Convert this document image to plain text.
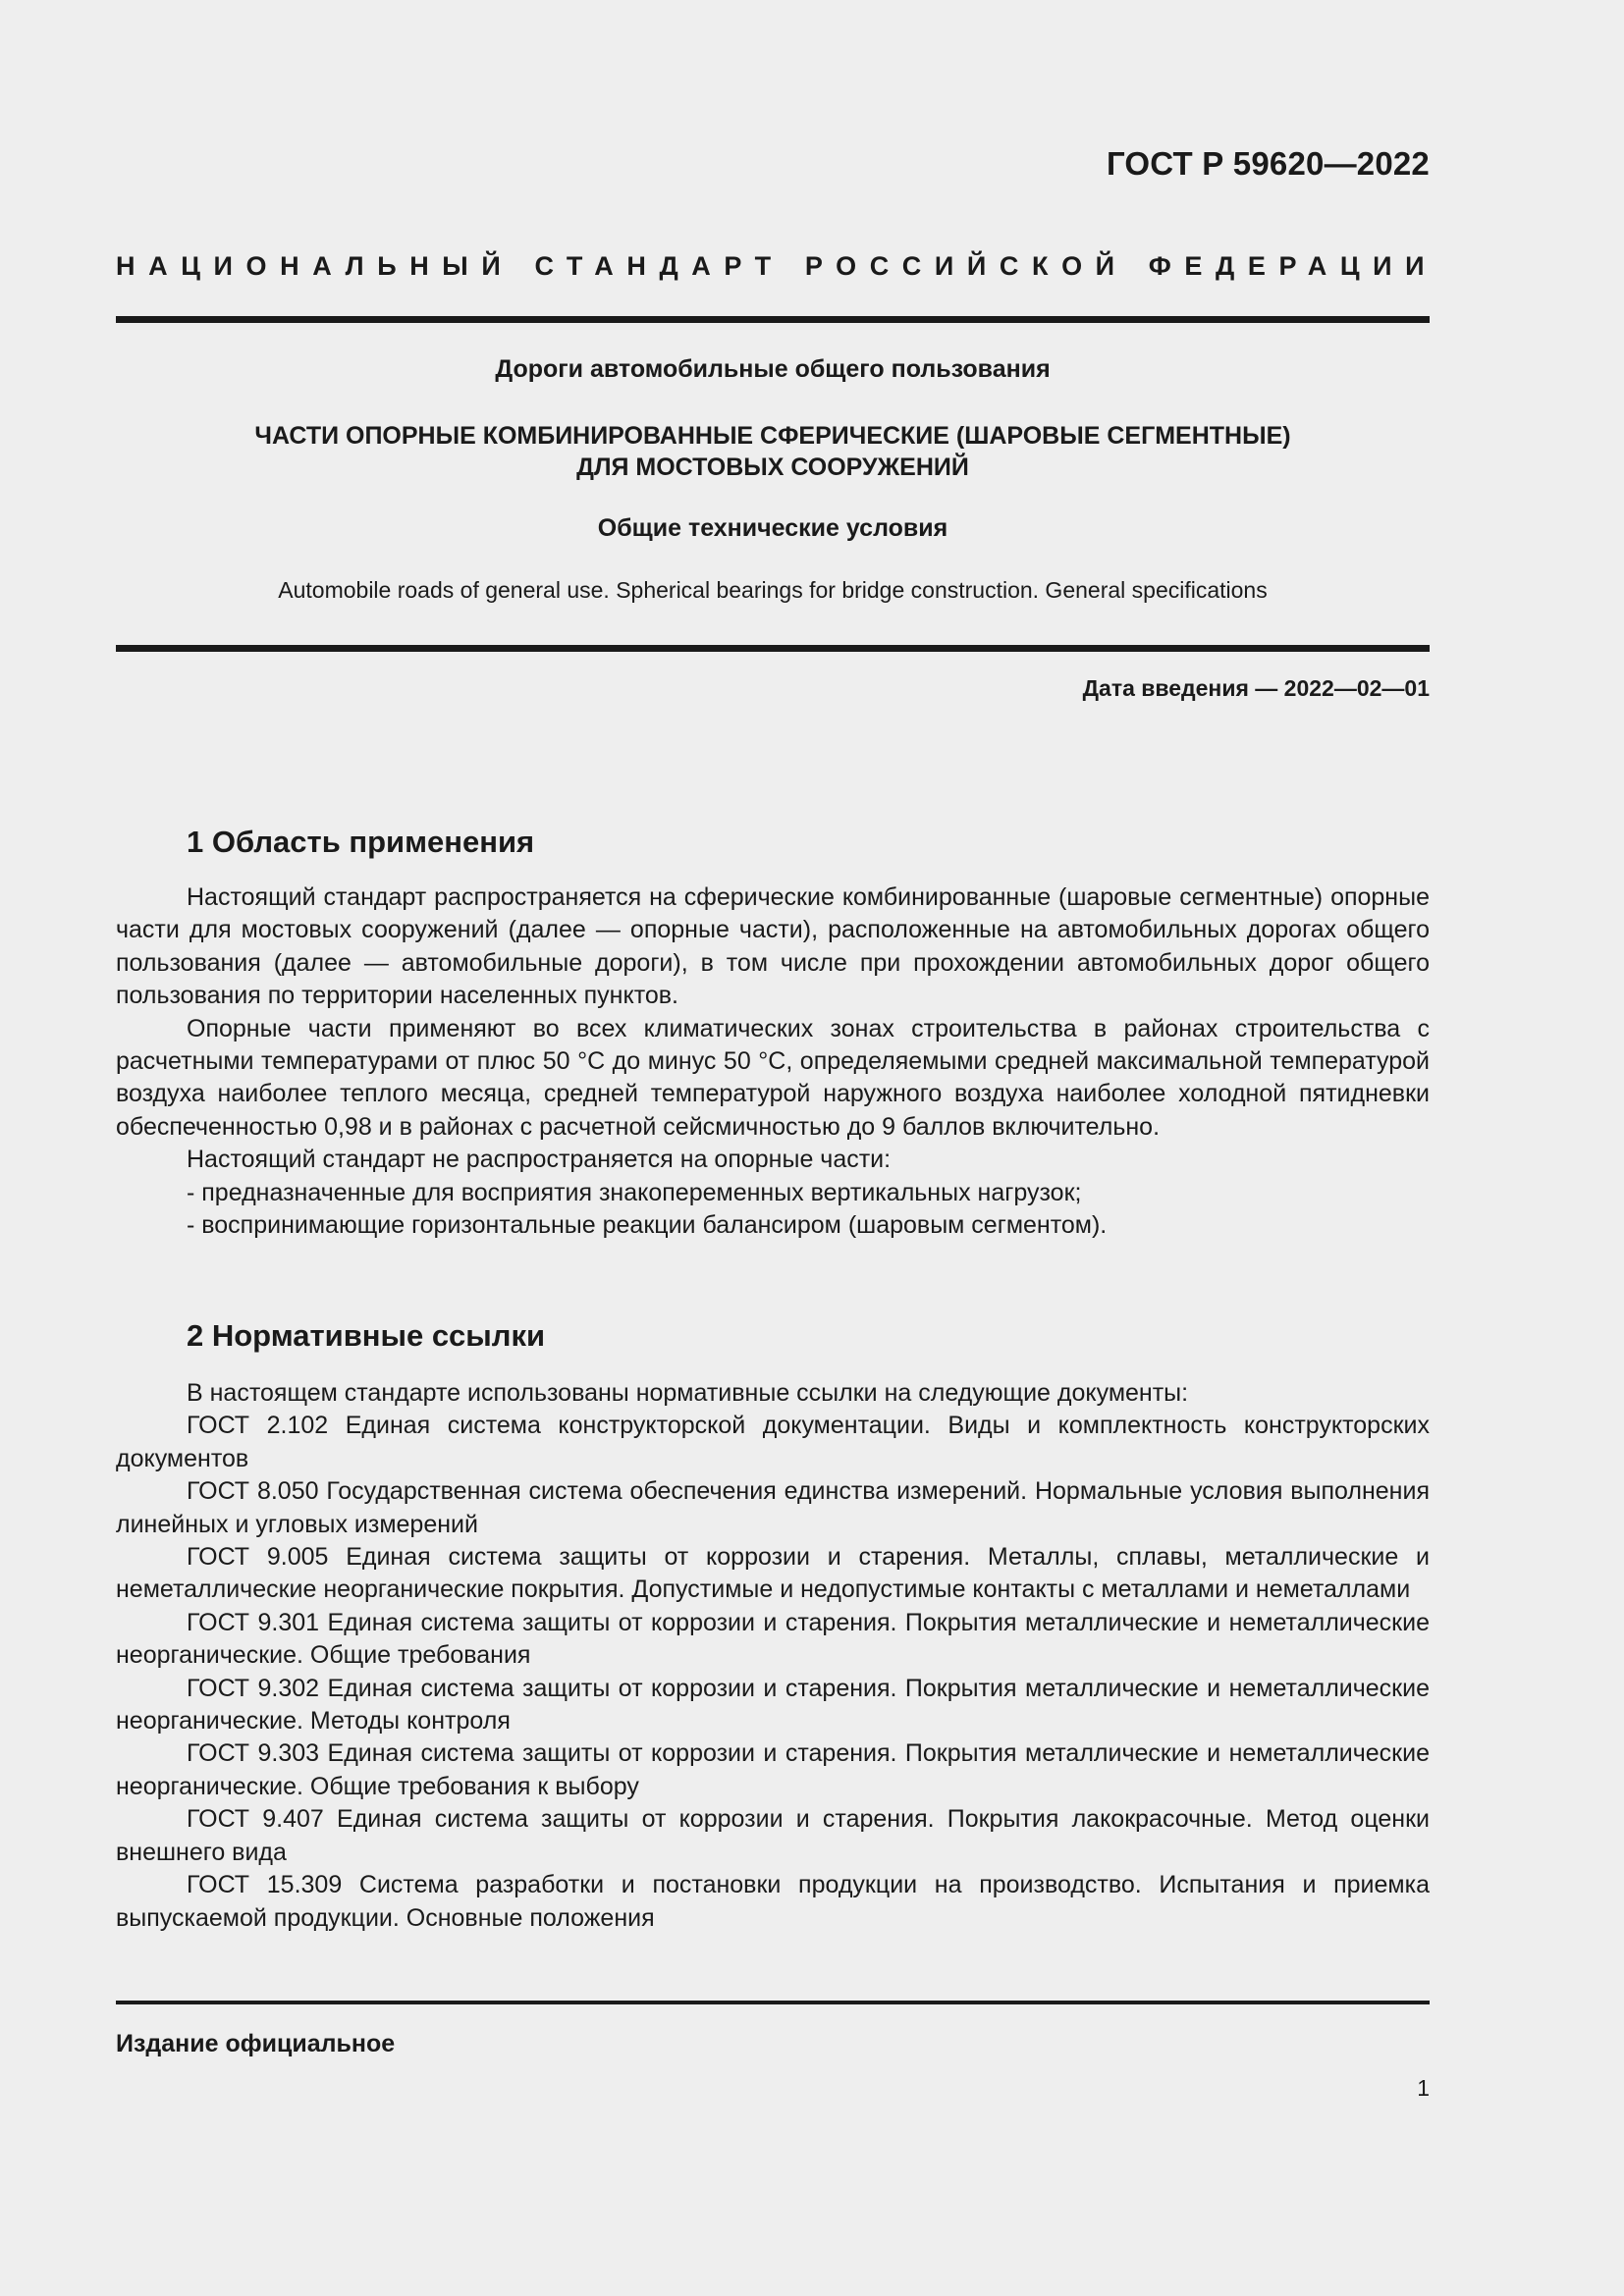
ГОСТ Р 59620—2022
НАЦИОНАЛЬНЫЙ СТАНДАРТ РОССИЙСКОЙ ФЕДЕРАЦИИ
Дороги автомобильные общего пользования
ЧАСТИ ОПОРНЫЕ КОМБИНИРОВАННЫЕ СФЕРИЧЕСКИЕ (ШАРОВЫЕ СЕГМЕНТНЫЕ)
ДЛЯ МОСТОВЫХ СООРУЖЕНИЙ
Общие технические условия
Automobile roads of general use. Spherical bearings for bridge construction. General specifications
Дата введения — 2022—02—01
1 Область применения

Настоящий стандарт распространяется на сферические комбинированные (шаровые сегментные) опорные части для мостовых сооружений (далее — опорные части), расположенные на автомобильных дорогах общего пользования (далее — автомобильные дороги), в том числе при прохождении автомобильных дорог общего пользования по территории населенных пунктов.

Опорные части применяют во всех климатических зонах строительства в районах строительства с расчетными температурами от плюс 50 °С до минус 50 °С, определяемыми средней максимальной температурой воздуха наиболее теплого месяца, средней температурой наружного воздуха наиболее холодной пятидневки обеспеченностью 0,98 и в районах с расчетной сейсмичностью до 9 баллов включительно.

Настоящий стандарт не распространяется на опорные части:

- предназначенные для восприятия знакопеременных вертикальных нагрузок;

- воспринимающие горизонтальные реакции балансиром (шаровым сегментом).

2 Нормативные ссылки

В настоящем стандарте использованы нормативные ссылки на следующие документы:

ГОСТ 2.102 Единая система конструкторской документации. Виды и комплектность конструкторских документов

ГОСТ 8.050 Государственная система обеспечения единства измерений. Нормальные условия выполнения линейных и угловых измерений

ГОСТ 9.005 Единая система защиты от коррозии и старения. Металлы, сплавы, металлические и неметаллические неорганические покрытия. Допустимые и недопустимые контакты с металлами и неметаллами

ГОСТ 9.301 Единая система защиты от коррозии и старения. Покрытия металлические и неметаллические неорганические. Общие требования

ГОСТ 9.302 Единая система защиты от коррозии и старения. Покрытия металлические и неметаллические неорганические. Методы контроля

ГОСТ 9.303 Единая система защиты от коррозии и старения. Покрытия металлические и неметаллические неорганические. Общие требования к выбору

ГОСТ 9.407 Единая система защиты от коррозии и старения. Покрытия лакокрасочные. Метод оценки внешнего вида

ГОСТ 15.309 Система разработки и постановки продукции на производство. Испытания и приемка выпускаемой продукции. Основные положения

Издание официальное
1
